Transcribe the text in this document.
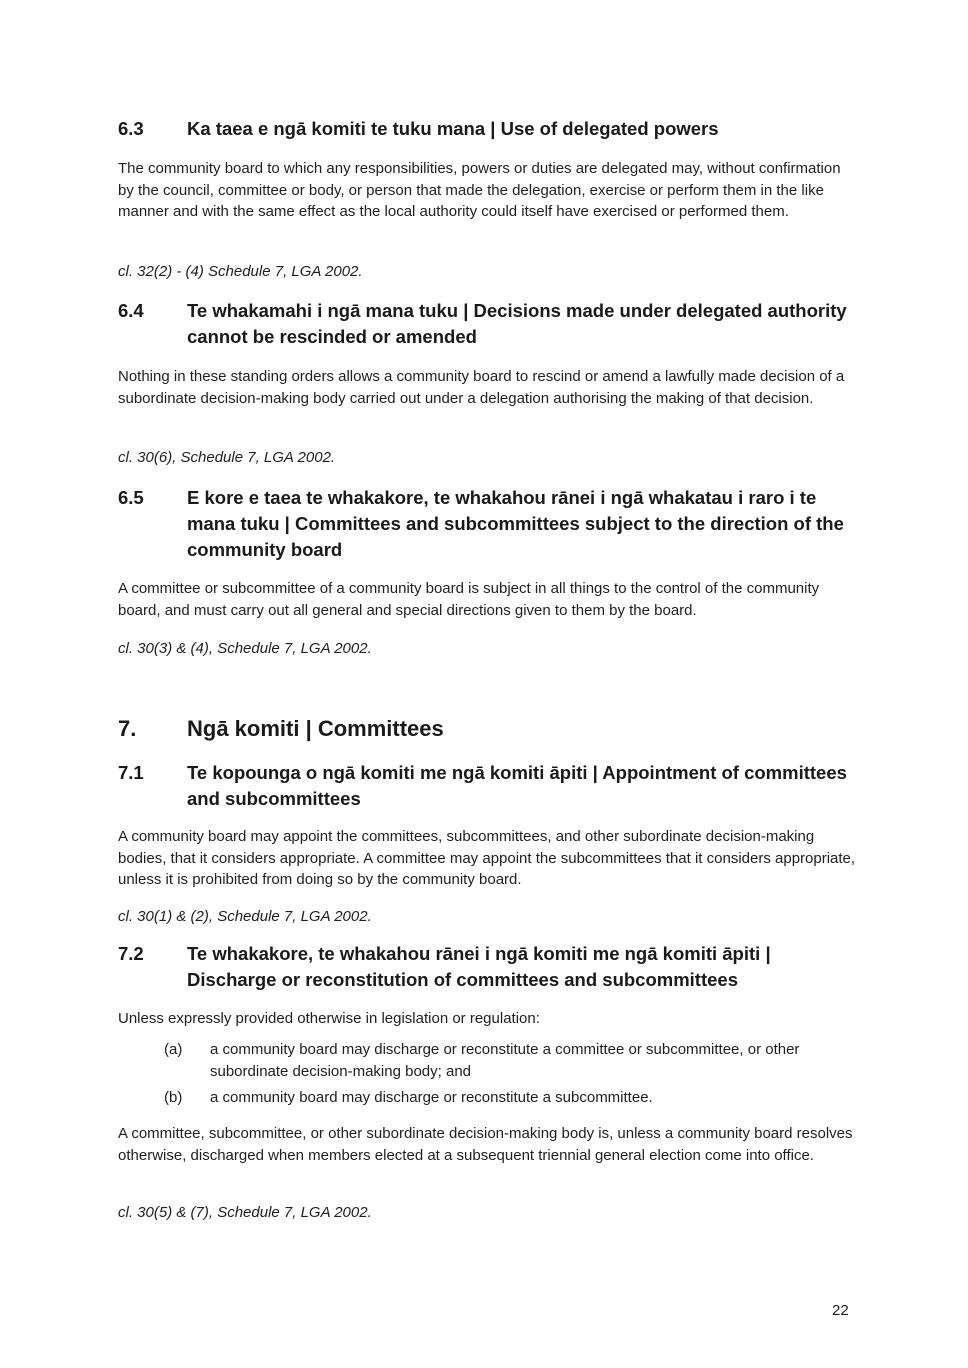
6.3 Ka taea e ngā komiti te tuku mana | Use of delegated powers
The community board to which any responsibilities, powers or duties are delegated may, without confirmation by the council, committee or body, or person that made the delegation, exercise or perform them in the like manner and with the same effect as the local authority could itself have exercised or performed them.
cl. 32(2) - (4) Schedule 7, LGA 2002.
6.4 Te whakamahi i ngā mana tuku | Decisions made under delegated authority cannot be rescinded or amended
Nothing in these standing orders allows a community board to rescind or amend a lawfully made decision of a subordinate decision-making body carried out under a delegation authorising the making of that decision.
cl. 30(6), Schedule 7, LGA 2002.
6.5 E kore e taea te whakakore, te whakahou rānei i ngā whakatau i raro i te mana tuku | Committees and subcommittees subject to the direction of the community board
A committee or subcommittee of a community board is subject in all things to the control of the community board, and must carry out all general and special directions given to them by the board.
cl. 30(3) & (4), Schedule 7, LGA 2002.
7. Ngā komiti | Committees
7.1 Te kopounga o ngā komiti me ngā komiti āpiti | Appointment of committees and subcommittees
A community board may appoint the committees, subcommittees, and other subordinate decision-making bodies, that it considers appropriate. A committee may appoint the subcommittees that it considers appropriate, unless it is prohibited from doing so by the community board.
cl. 30(1) & (2), Schedule 7, LGA 2002.
7.2 Te whakakore, te whakahou rānei i ngā komiti me ngā komiti āpiti | Discharge or reconstitution of committees and subcommittees
Unless expressly provided otherwise in legislation or regulation:
(a) a community board may discharge or reconstitute a committee or subcommittee, or other subordinate decision-making body; and
(b) a community board may discharge or reconstitute a subcommittee.
A committee, subcommittee, or other subordinate decision-making body is, unless a community board resolves otherwise, discharged when members elected at a subsequent triennial general election come into office.
cl. 30(5) & (7), Schedule 7, LGA 2002.
22
